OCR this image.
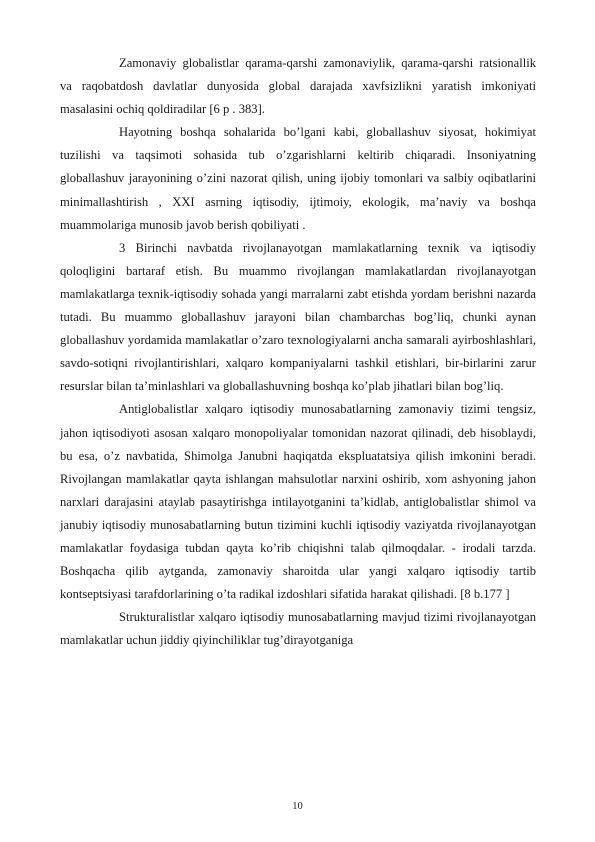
Zamonaviy globalistlar qarama-qarshi zamonaviylik, qarama-qarshi ratsionallik va raqobatdosh davlatlar dunyosida global darajada xavfsizlikni yaratish imkoniyati masalasini ochiq qoldiradilar [6 p . 383].

Hayotning boshqa sohalarida bo’lgani kabi, globallashuv siyosat, hokimiyat tuzilishi va taqsimoti sohasida tub o’zgarishlarni keltirib chiqaradi. Insoniyatning globallashuv jarayonining o’zini nazorat qilish, uning ijobiy tomonlari va salbiy oqibatlarini minimallashtirish , XXI asrning iqtisodiy, ijtimoiy, ekologik, ma’naviy va boshqa muammolariga munosib javob berish qobiliyati .

3 Birinchi navbatda rivojlanayotgan mamlakatlarning texnik va iqtisodiy qoloqligini bartaraf etish. Bu muammo rivojlangan mamlakatlardan rivojlanayotgan mamlakatlarga texnik-iqtisodiy sohada yangi marralarni zabt etishda yordam berishni nazarda tutadi. Bu muammo globallashuv jarayoni bilan chambarchas bog’liq, chunki aynan globallashuv yordamida mamlakatlar o’zaro texnologiyalarni ancha samarali ayirboshlashlari, savdo-sotiqni rivojlantirishlari, xalqaro kompaniyalarni tashkil etishlari, bir-birlarini zarur resurslar bilan ta’minlashlari va globallashuvning boshqa ko’plab jihatlari bilan bog’liq.

Antiglobalistlar xalqaro iqtisodiy munosabatlarning zamonaviy tizimi tengsiz, jahon iqtisodiyoti asosan xalqaro monopoliyalar tomonidan nazorat qilinadi, deb hisoblaydi, bu esa, o’z navbatida, Shimolga Janubni haqiqatda ekspluatatsiya qilish imkonini beradi. Rivojlangan mamlakatlar qayta ishlangan mahsulotlar narxini oshirib, xom ashyoning jahon narxlari darajasini ataylab pasaytirishga intilayotganini ta’kidlab, antiglobalistlar shimol va janubiy iqtisodiy munosabatlarning butun tizimini kuchli iqtisodiy vaziyatda rivojlanayotgan mamlakatlar foydasiga tubdan qayta ko’rib chiqishni talab qilmoqdalar. - irodali tarzda. Boshqacha qilib aytganda, zamonaviy sharoitda ular yangi xalqaro iqtisodiy tartib kontseptsiyasi tarafdorlarining o’ta radikal izdoshlari sifatida harakat qilishadi. [8 b.177 ]

Strukturalistlar xalqaro iqtisodiy munosabatlarning mavjud tizimi rivojlanayotgan mamlakatlar uchun jiddiy qiyinchiliklar tug’dirayotganiga

10
